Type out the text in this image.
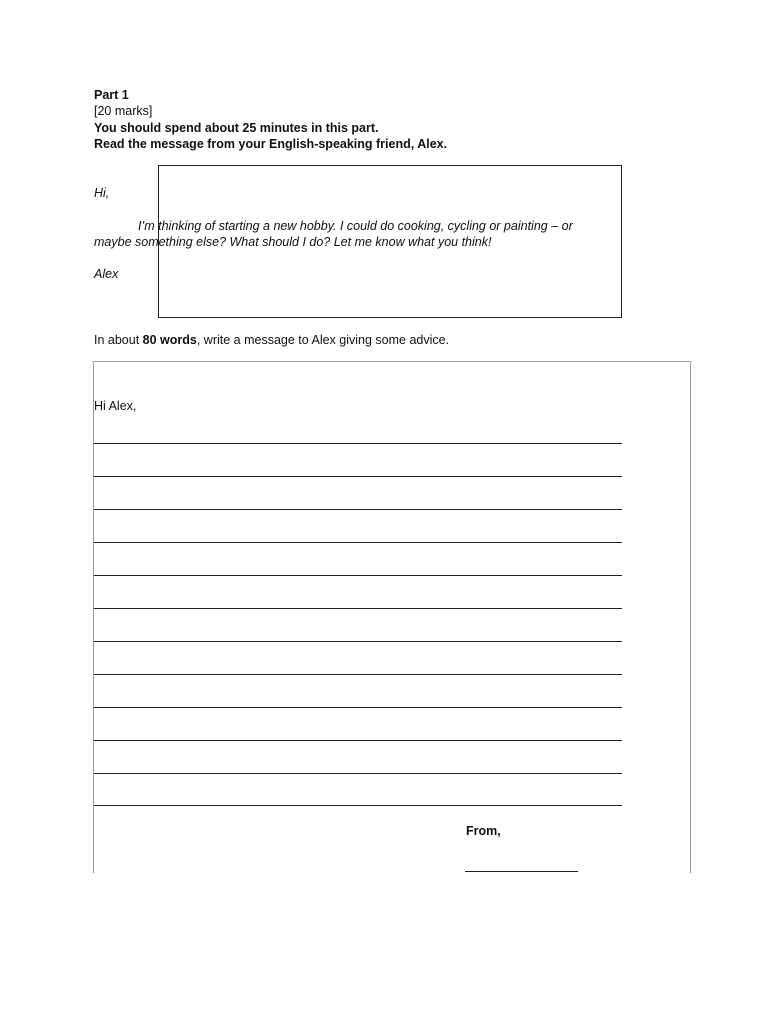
Part 1
[20 marks]
You should spend about 25 minutes in this part.
Read the message from your English-speaking friend, Alex.
Hi,
I’m thinking of starting a new hobby. I could do cooking, cycling or painting – or
maybe something else? What should I do? Let me know what you think!
Alex
In about 80 words, write a message to Alex giving some advice.
Hi Alex,
From,
